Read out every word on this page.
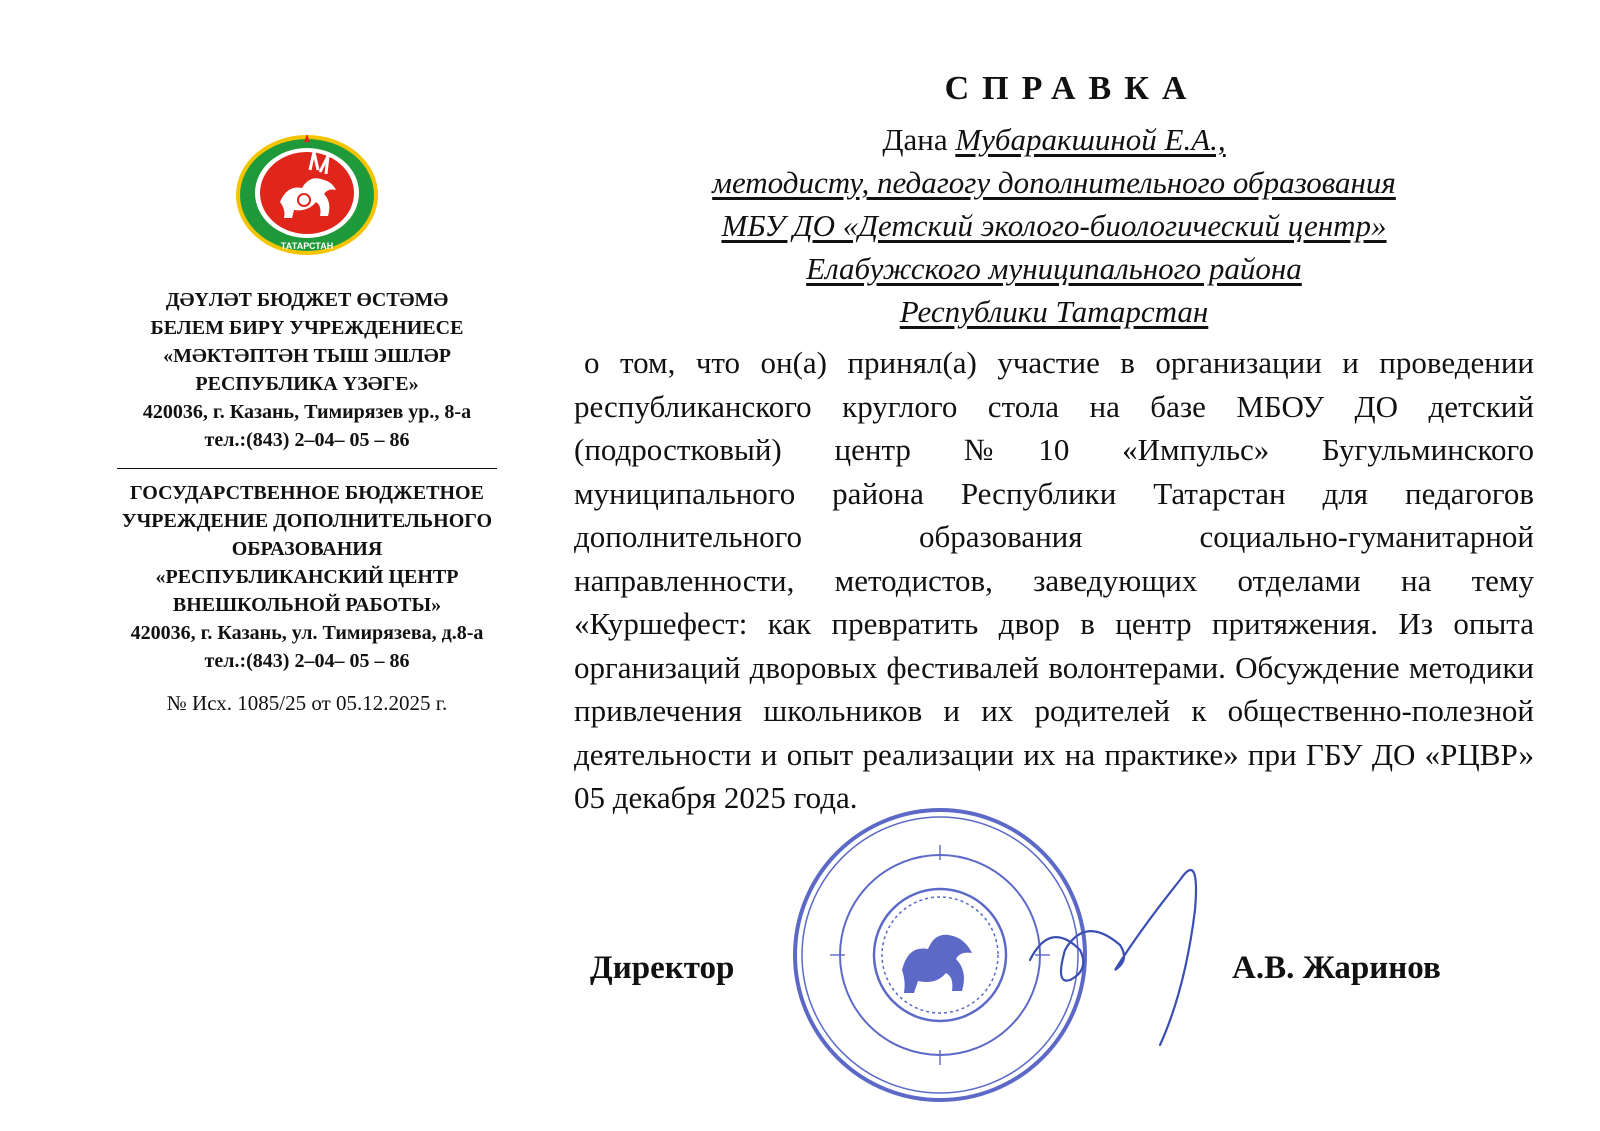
ТАТАРСТАН
ДӘҮЛӘТ БЮДЖЕТ ӨСТӘМӘ
БЕЛЕМ БИРҮ УЧРЕЖДЕНИЕСЕ
«МӘКТӘПТӘН ТЫШ ЭШЛӘР
РЕСПУБЛИКА ҮЗӘГЕ»
420036, г. Казань, Тимирязев ур., 8-а
тел.:(843) 2–04– 05 – 86
ГОСУДАРСТВЕННОЕ БЮДЖЕТНОЕ
УЧРЕЖДЕНИЕ ДОПОЛНИТЕЛЬНОГО
ОБРАЗОВАНИЯ
«РЕСПУБЛИКАНСКИЙ ЦЕНТР
ВНЕШКОЛЬНОЙ РАБОТЫ»
420036, г. Казань, ул. Тимирязева, д.8-а
тел.:(843) 2–04– 05 – 86
№ Исх. 1085/25 от 05.12.2025 г.
СПРАВКА
Дана Мубаракшиной Е.А.,
методисту, педагогу дополнительного образования
МБУ ДО «Детский эколого-биологический центр»
Елабужского муниципального района
Республики Татарстан
о том, что он(а) принял(а) участие в организации и проведении республиканского круглого стола на базе МБОУ ДО детский (подростковый) центр №10 «Импульс» Бугульминского муниципального района Республики Татарстан для педагогов дополнительного образования социально-гуманитарной направленности, методистов, заведующих отделами на тему «Куршефест: как превратить двор в центр притяжения. Из опыта организаций дворовых фестивалей волонтерами. Обсуждение методики привлечения школьников и их родителей к общественно-полезной деятельности и опыт реализации их на практике» при ГБУ ДО «РЦВР» 05 декабря 2025 года.
Директор	А.В. Жаринов
